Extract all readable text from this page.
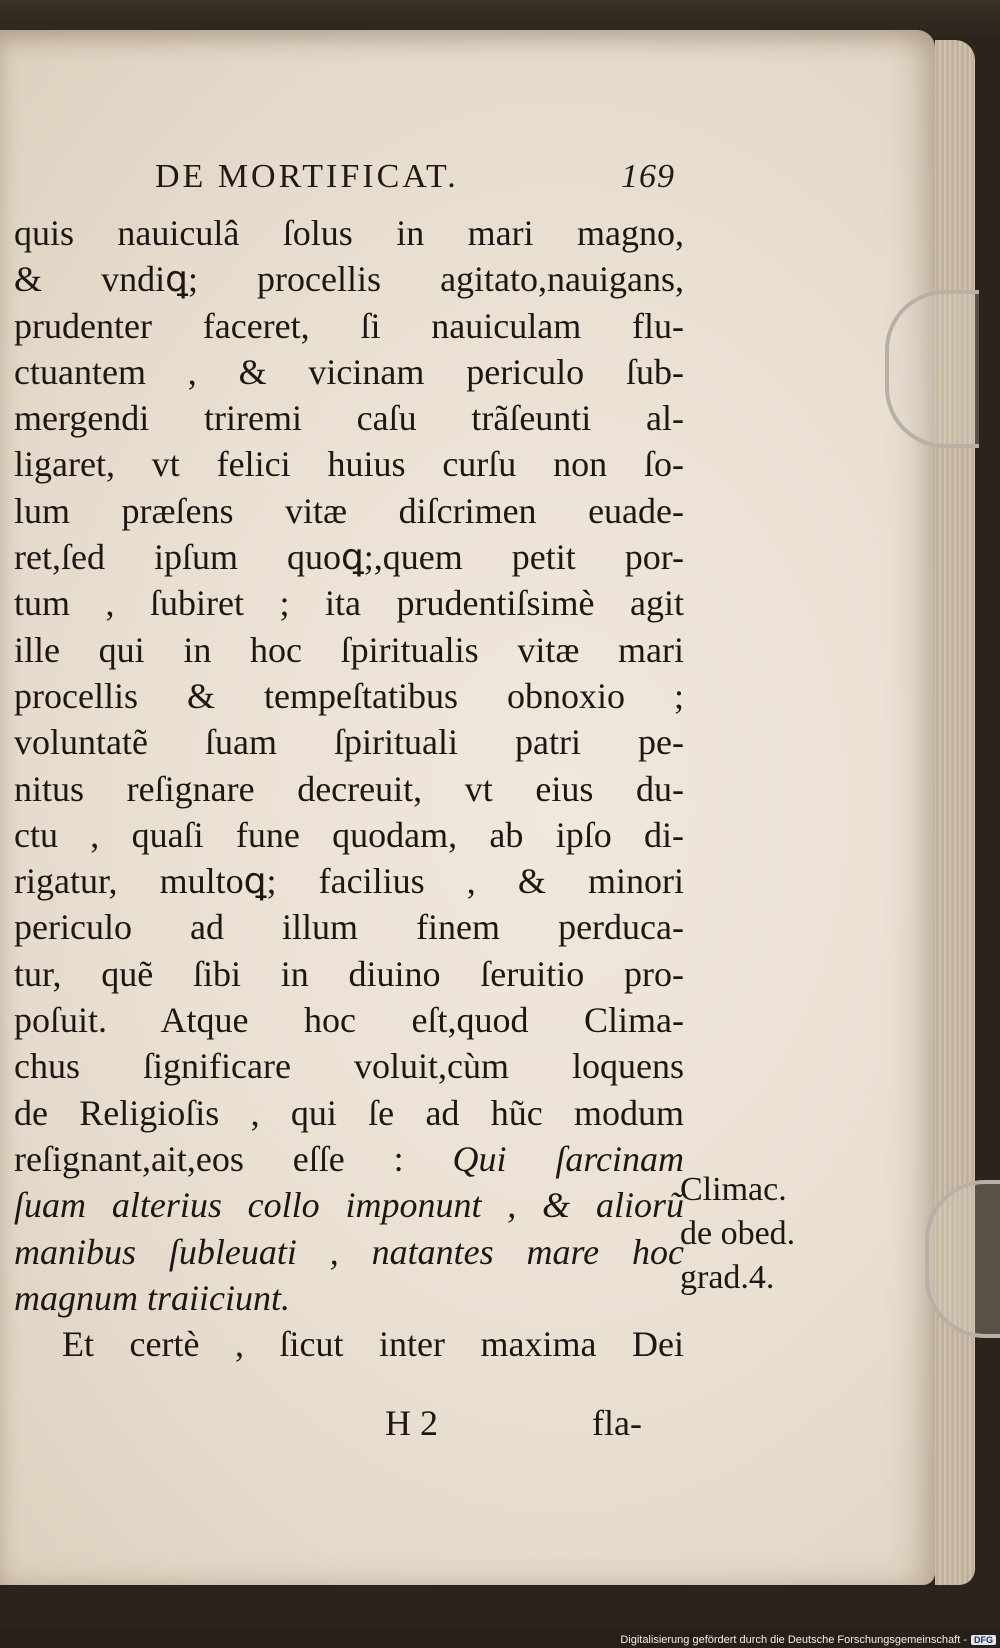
DE MORTIFICAT.	169
quis nauiculâ ſolus in mari magno,
& vndiꝗ; procellis agitato,nauigans,
prudenter faceret, ſi nauiculam flu-
ctuantem , & vicinam periculo ſub-
mergendi triremi caſu trãſeunti al-
ligaret, vt felici huius curſu non ſo-
lum præſens vitæ diſcrimen euade-
ret,ſed ipſum quoꝗ;,quem petit por-
tum , ſubiret ; ita prudentiſsimè agit
ille qui in hoc ſpiritualis vitæ mari
procellis & tempeſtatibus obnoxio ;
voluntatẽ ſuam ſpirituali patri pe-
nitus reſignare decreuit, vt eius du-
ctu , quaſi fune quodam, ab ipſo di-
rigatur, multoꝗ; facilius , & minori
periculo ad illum finem perduca-
tur, quẽ ſibi in diuino ſeruitio pro-
poſuit. Atque hoc eſt,quod Clima-
chus ſignificare voluit,cùm loquens
de Religioſis , qui ſe ad hũc modum
reſignant,ait,eos eſſe : Qui ſarcinam
ſuam alterius collo imponunt , & aliorũ
manibus ſubleuati , natantes mare hoc
magnum traiiciunt.
Et certè , ſicut inter maxima Dei
Climac.
de obed.
grad.4.
H 2	fla-
Digitalisierung gefördert durch die Deutsche Forschungsgemeinschaft - DFG
